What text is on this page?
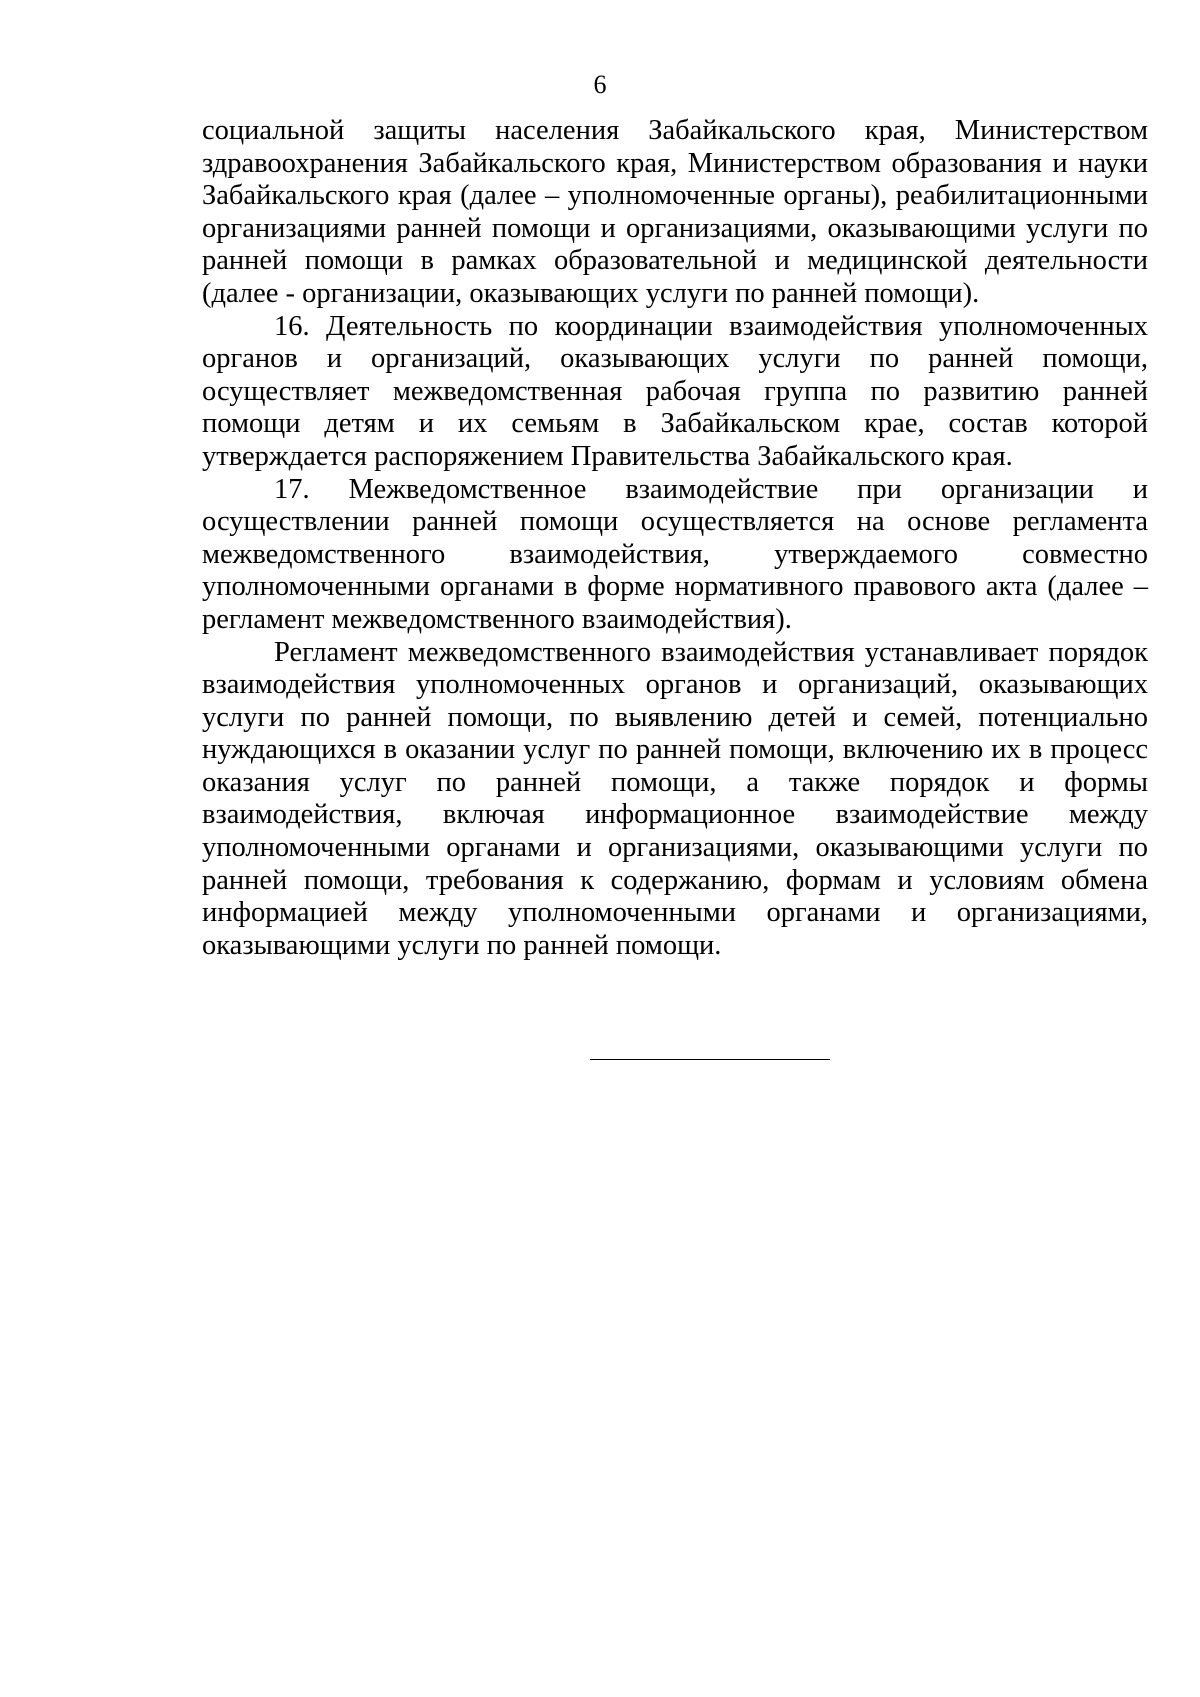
6

социальной защиты населения Забайкальского края, Министерством здравоохранения Забайкальского края, Министерством образования и науки Забайкальского края (далее – уполномоченные органы), реабилитационными организациями ранней помощи и организациями, оказывающими услуги по ранней помощи в рамках образовательной и медицинской деятельности (далее - организации, оказывающих услуги по ранней помощи).

16. Деятельность по координации взаимодействия уполномоченных органов и организаций, оказывающих услуги по ранней помощи, осуществляет межведомственная рабочая группа по развитию ранней помощи детям и их семьям в Забайкальском крае, состав которой утверждается распоряжением Правительства Забайкальского края.

17. Межведомственное взаимодействие при организации и осуществлении ранней помощи осуществляется на основе регламента межведомственного взаимодействия, утверждаемого совместно уполномоченными органами в форме нормативного правового акта (далее – регламент межведомственного взаимодействия).

Регламент межведомственного взаимодействия устанавливает порядок взаимодействия уполномоченных органов и организаций, оказывающих услуги по ранней помощи, по выявлению детей и семей, потенциально нуждающихся в оказании услуг по ранней помощи, включению их в процесс оказания услуг по ранней помощи, а также порядок и формы взаимодействия, включая информационное взаимодействие между уполномоченными органами и организациями, оказывающими услуги по ранней помощи, требования к содержанию, формам и условиям обмена информацией между уполномоченными органами и организациями, оказывающими услуги по ранней помощи.
